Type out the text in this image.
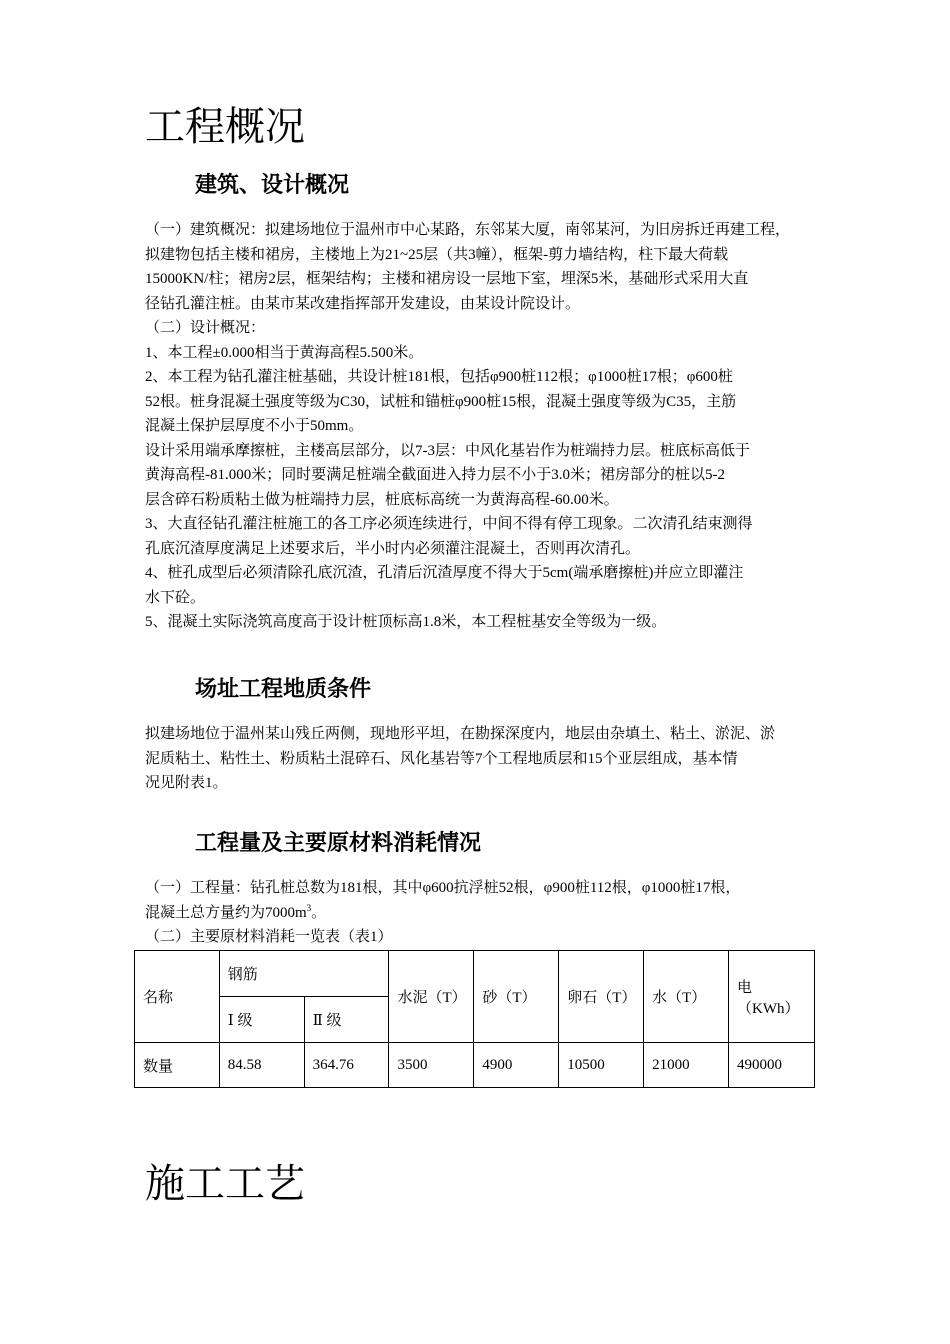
工程概况
建筑、设计概况
（一）建筑概况：拟建场地位于温州市中心某路，东邻某大厦，南邻某河，为旧房拆迁再建工程，
拟建物包括主楼和裙房，主楼地上为21~25层（共3幢），框架-剪力墙结构，柱下最大荷载
15000KN/柱；裙房2层，框架结构；主楼和裙房设一层地下室，埋深5米，基础形式采用大直
径钻孔灌注桩。由某市某改建指挥部开发建设，由某设计院设计。
（二）设计概况：
1、本工程±0.000相当于黄海高程5.500米。
2、本工程为钻孔灌注桩基础，共设计桩181根，包括φ900桩112根；φ1000桩17根；φ600桩
52根。桩身混凝土强度等级为C30，试桩和锚桩φ900桩15根，混凝土强度等级为C35，主筋
混凝土保护层厚度不小于50mm。
设计采用端承摩擦桩，主楼高层部分，以7-3层：中风化基岩作为桩端持力层。桩底标高低于
黄海高程-81.000米；同时要满足桩端全截面进入持力层不小于3.0米；裙房部分的桩以5-2
层含碎石粉质粘土做为桩端持力层，桩底标高统一为黄海高程-60.00米。
3、大直径钻孔灌注桩施工的各工序必须连续进行，中间不得有停工现象。二次清孔结束测得
孔底沉渣厚度满足上述要求后，半小时内必须灌注混凝土，否则再次清孔。
4、桩孔成型后必须清除孔底沉渣，孔清后沉渣厚度不得大于5cm(端承磨擦桩)并应立即灌注
水下砼。
5、混凝土实际浇筑高度高于设计桩顶标高1.8米，本工程桩基安全等级为一级。
场址工程地质条件
拟建场地位于温州某山残丘两侧，现地形平坦，在勘探深度内，地层由杂填土、粘土、淤泥、淤
泥质粘土、粘性土、粉质粘土混碎石、风化基岩等7个工程地质层和15个亚层组成，基本情
况见附表1。
工程量及主要原材料消耗情况
（一）工程量：钻孔桩总数为181根，其中φ600抗浮桩52根，φ900桩112根，φ1000桩17根，
混凝土总方量约为$7000m^3$。
（二）主要原材料消耗一览表（表1）
名称	钢筋		水泥（T）	砂（T）	卵石（T）	水（T）	电
（KWh）

	Ⅰ 级	Ⅱ 级					
数量	84.58	364.76	3500	4900	10500	21000	490000
施工工艺
